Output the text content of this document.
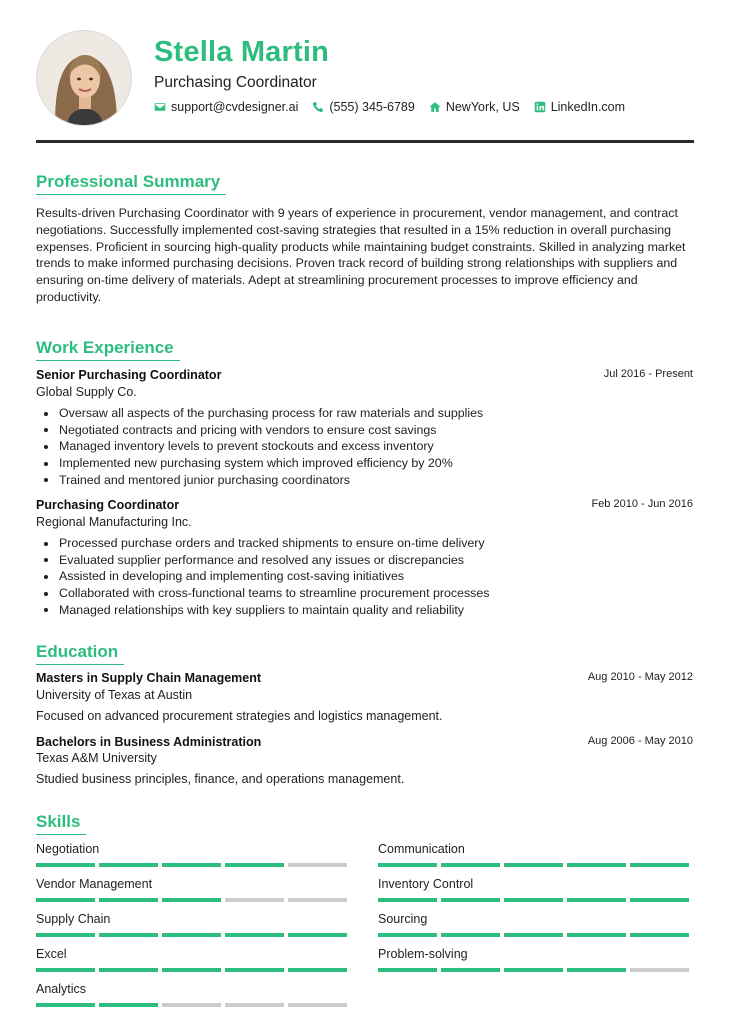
Stella Martin
Purchasing Coordinator
support@cvdesigner.ai (555) 345-6789 NewYork, US LinkedIn.com
Professional Summary
Results-driven Purchasing Coordinator with 9 years of experience in procurement, vendor management, and contract negotiations. Successfully implemented cost-saving strategies that resulted in a 15% reduction in overall purchasing expenses. Proficient in sourcing high-quality products while maintaining budget constraints. Skilled in analyzing market trends to make informed purchasing decisions. Proven track record of building strong relationships with suppliers and ensuring on-time delivery of materials. Adept at streamlining procurement processes to improve efficiency and productivity.
Work Experience
Senior Purchasing Coordinator	Jul 2016 - Present
Global Supply Co.
Oversaw all aspects of the purchasing process for raw materials and supplies
Negotiated contracts and pricing with vendors to ensure cost savings
Managed inventory levels to prevent stockouts and excess inventory
Implemented new purchasing system which improved efficiency by 20%
Trained and mentored junior purchasing coordinators
Purchasing Coordinator	Feb 2010 - Jun 2016
Regional Manufacturing Inc.
Processed purchase orders and tracked shipments to ensure on-time delivery
Evaluated supplier performance and resolved any issues or discrepancies
Assisted in developing and implementing cost-saving initiatives
Collaborated with cross-functional teams to streamline procurement processes
Managed relationships with key suppliers to maintain quality and reliability
Education
Masters in Supply Chain Management	Aug 2010 - May 2012
University of Texas at Austin
Focused on advanced procurement strategies and logistics management.
Bachelors in Business Administration	Aug 2006 - May 2010
Texas A&M University
Studied business principles, finance, and operations management.
Skills
Negotiation	Communication
Vendor Management	Inventory Control
Supply Chain	Sourcing
Excel	Problem-solving
Analytics
